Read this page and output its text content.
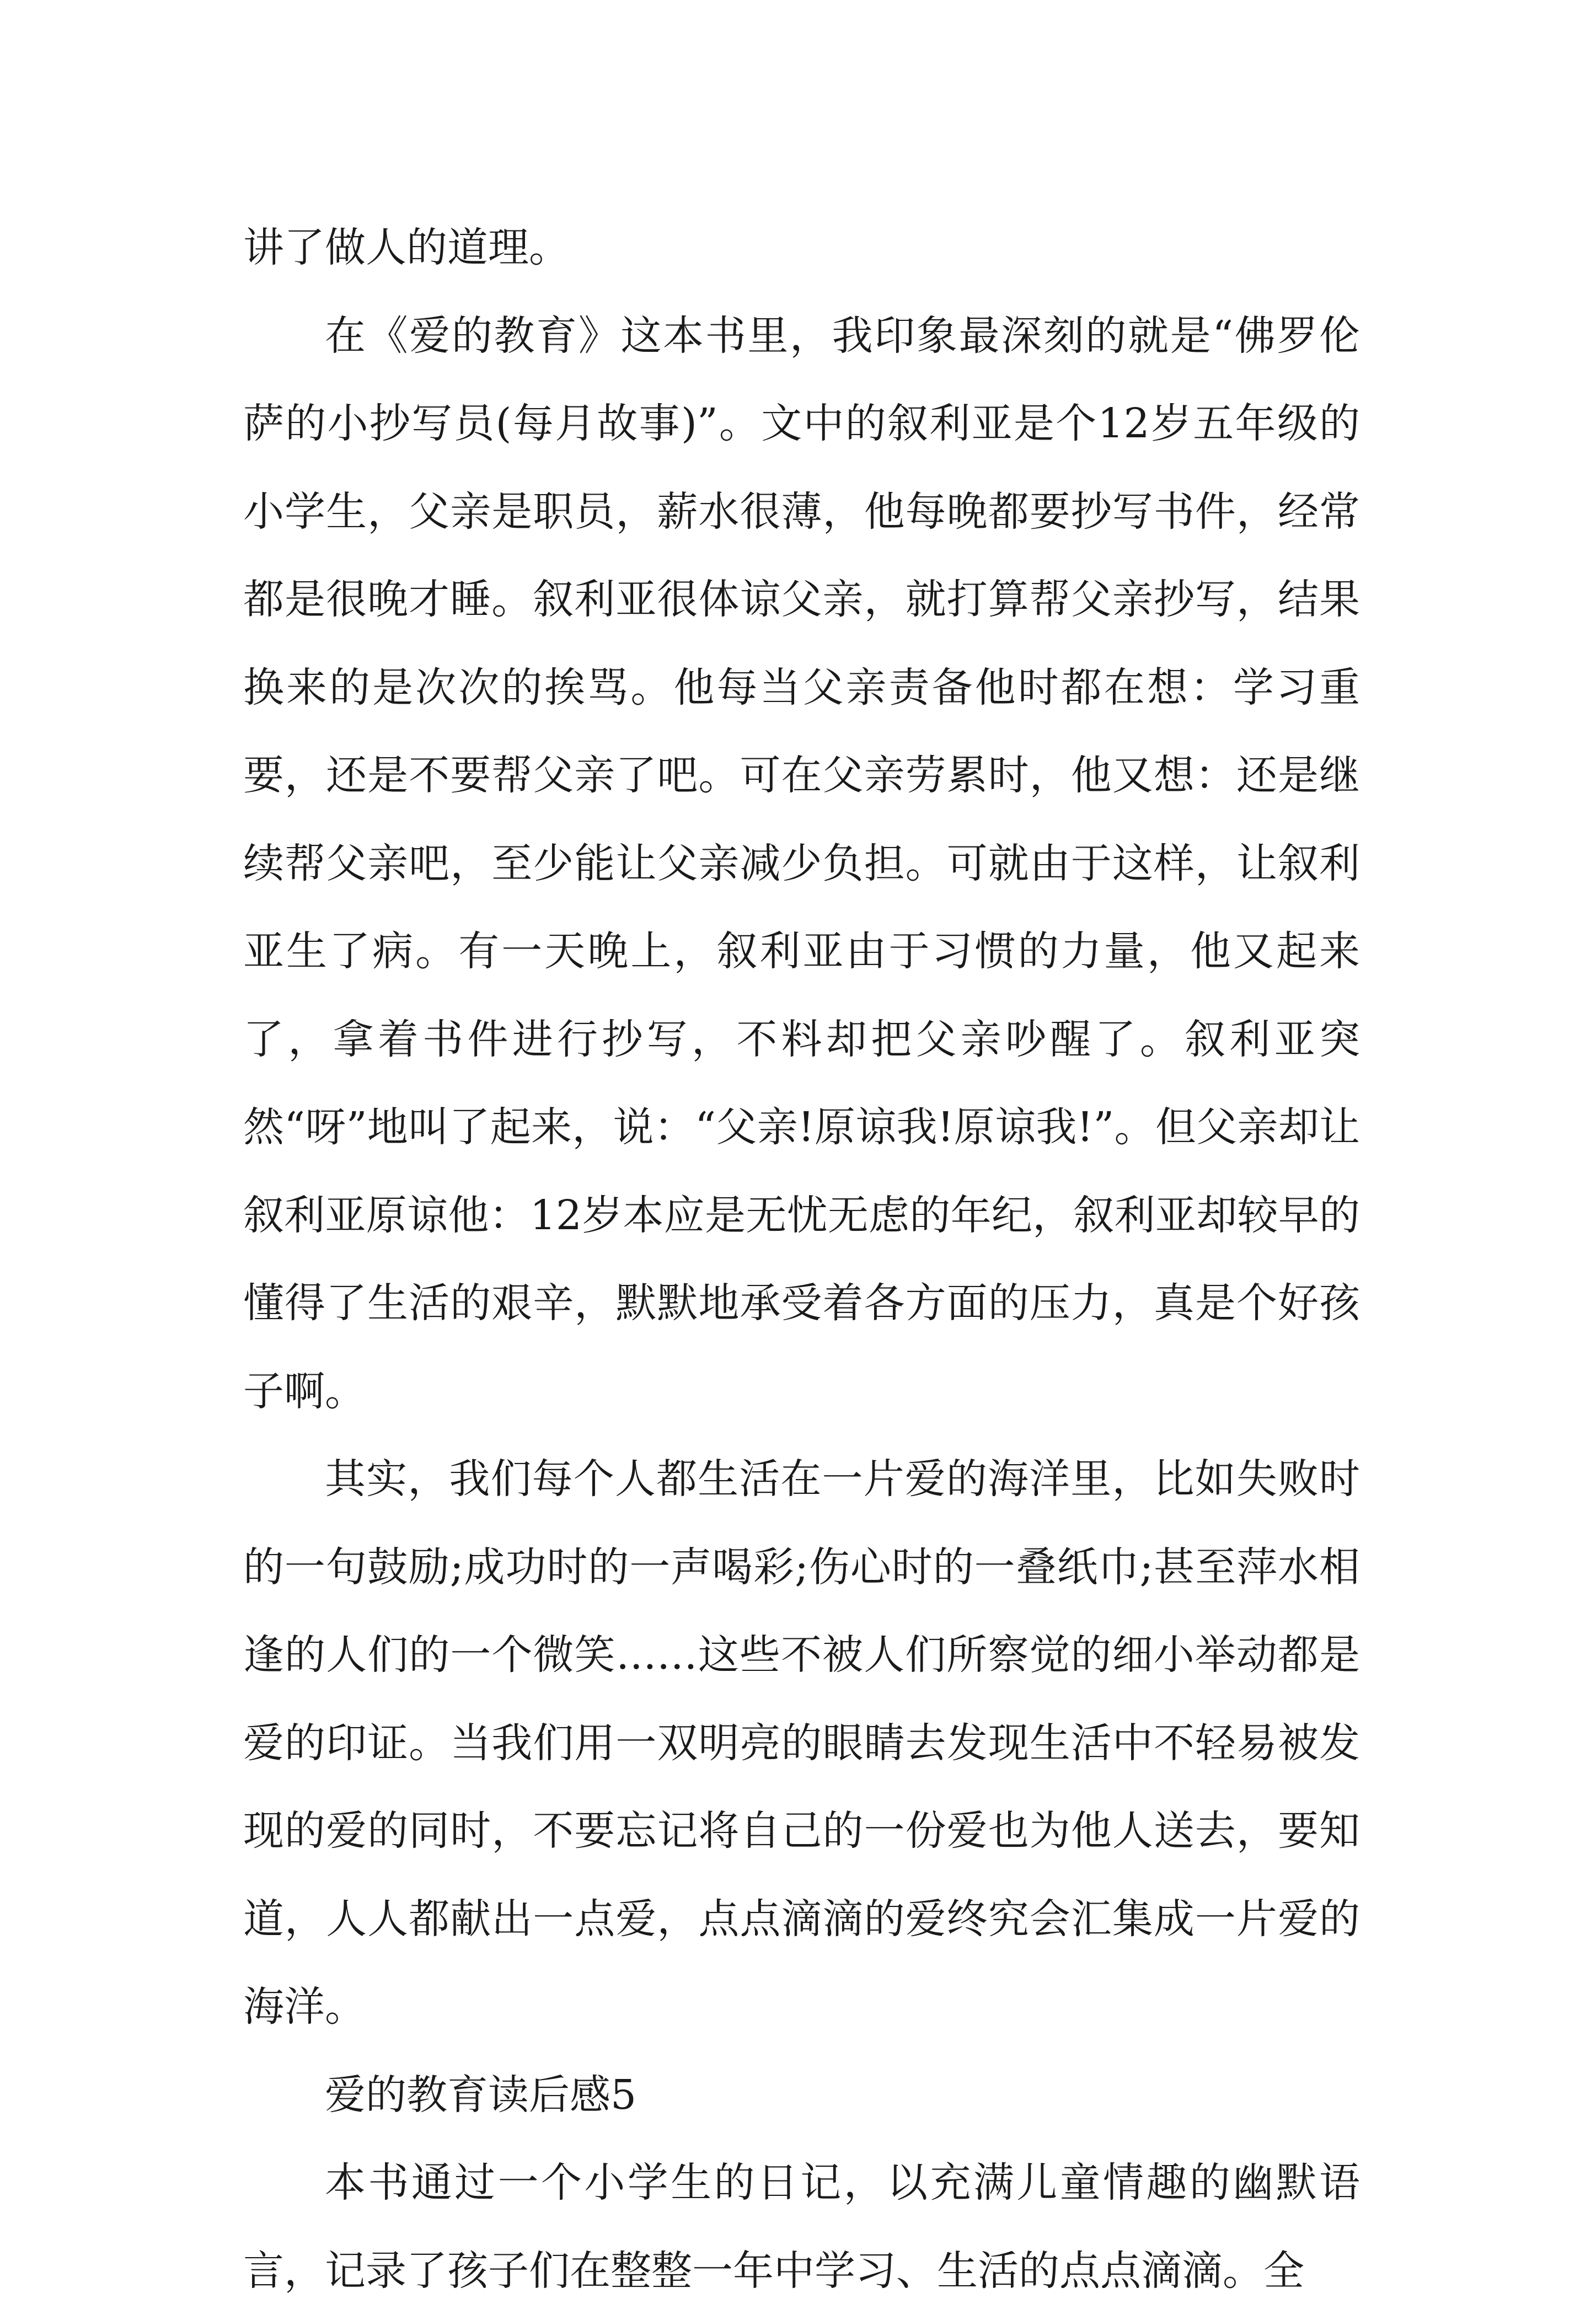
讲了做人的道理。

在《爱的教育》这本书里，我印象最深刻的就是“佛罗伦萨的小抄写员(每月故事)”。文中的叙利亚是个12岁五年级的小学生，父亲是职员，薪水很薄，他每晚都要抄写书件，经常都是很晚才睡。叙利亚很体谅父亲，就打算帮父亲抄写，结果换来的是次次的挨骂。他每当父亲责备他时都在想：学习重要，还是不要帮父亲了吧。可在父亲劳累时，他又想：还是继续帮父亲吧，至少能让父亲减少负担。可就由于这样，让叙利亚生了病。有一天晚上，叙利亚由于习惯的力量，他又起来了，拿着书件进行抄写，不料却把父亲吵醒了。叙利亚突然“呀”地叫了起来，说：“父亲!原谅我!原谅我!”。但父亲却让叙利亚原谅他：12岁本应是无忧无虑的年纪，叙利亚却较早的懂得了生活的艰辛，默默地承受着各方面的压力，真是个好孩子啊。

其实，我们每个人都生活在一片爱的海洋里，比如失败时的一句鼓励;成功时的一声喝彩;伤心时的一叠纸巾;甚至萍水相逢的人们的一个微笑……这些不被人们所察觉的细小举动都是爱的印证。当我们用一双明亮的眼睛去发现生活中不轻易被发现的爱的同时，不要忘记将自己的一份爱也为他人送去，要知道，人人都献出一点爱，点点滴滴的爱终究会汇集成一片爱的海洋。

爱的教育读后感5

本书通过一个小学生的日记，以充满儿童情趣的幽默语言，记录了孩子们在整整一年中学习、生活的点点滴滴。全
